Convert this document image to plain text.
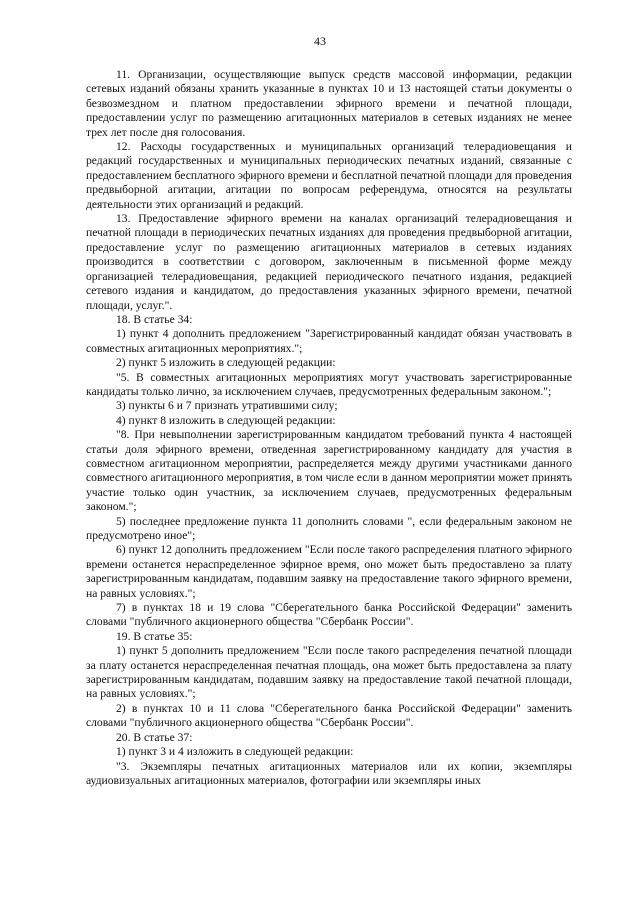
43

11. Организации, осуществляющие выпуск средств массовой информации, редакции сетевых изданий обязаны хранить указанные в пунктах 10 и 13 настоящей статьи документы о безвозмездном и платном предоставлении эфирного времени и печатной площади, предоставлении услуг по размещению агитационных материалов в сетевых изданиях не менее трех лет после дня голосования.

12. Расходы государственных и муниципальных организаций телерадиовещания и редакций государственных и муниципальных периодических печатных изданий, связанные с предоставлением бесплатного эфирного времени и бесплатной печатной площади для проведения предвыборной агитации, агитации по вопросам референдума, относятся на результаты деятельности этих организаций и редакций.

13. Предоставление эфирного времени на каналах организаций телерадиовещания и печатной площади в периодических печатных изданиях для проведения предвыборной агитации, предоставление услуг по размещению агитационных материалов в сетевых изданиях производится в соответствии с договором, заключенным в письменной форме между организацией телерадиовещания, редакцией периодического печатного издания, редакцией сетевого издания и кандидатом, до предоставления указанных эфирного времени, печатной площади, услуг.".

18. В статье 34:

1) пункт 4 дополнить предложением "Зарегистрированный кандидат обязан участвовать в совместных агитационных мероприятиях.";

2) пункт 5 изложить в следующей редакции:

"5. В совместных агитационных мероприятиях могут участвовать зарегистрированные кандидаты только лично, за исключением случаев, предусмотренных федеральным законом.";

3) пункты 6 и 7 признать утратившими силу;

4) пункт 8 изложить в следующей редакции:

"8. При невыполнении зарегистрированным кандидатом требований пункта 4 настоящей статьи доля эфирного времени, отведенная зарегистрированному кандидату для участия в совместном агитационном мероприятии, распределяется между другими участниками данного совместного агитационного мероприятия, в том числе если в данном мероприятии может принять участие только один участник, за исключением случаев, предусмотренных федеральным законом.";

5) последнее предложение пункта 11 дополнить словами ", если федеральным законом не предусмотрено иное";

6) пункт 12 дополнить предложением "Если после такого распределения платного эфирного времени останется нераспределенное эфирное время, оно может быть предоставлено за плату зарегистрированным кандидатам, подавшим заявку на предоставление такого эфирного времени, на равных условиях.";

7) в пунктах 18 и 19 слова "Сберегательного банка Российской Федерации" заменить словами "публичного акционерного общества "Сбербанк России".

19. В статье 35:

1) пункт 5 дополнить предложением "Если после такого распределения печатной площади за плату останется нераспределенная печатная площадь, она может быть предоставлена за плату зарегистрированным кандидатам, подавшим заявку на предоставление такой печатной площади, на равных условиях.";

2) в пунктах 10 и 11 слова "Сберегательного банка Российской Федерации" заменить словами "публичного акционерного общества "Сбербанк России".

20. В статье 37:

1) пункт 3 и 4 изложить в следующей редакции:

"3. Экземпляры печатных агитационных материалов или их копии, экземпляры аудиовизуальных агитационных материалов, фотографии или экземпляры иных
